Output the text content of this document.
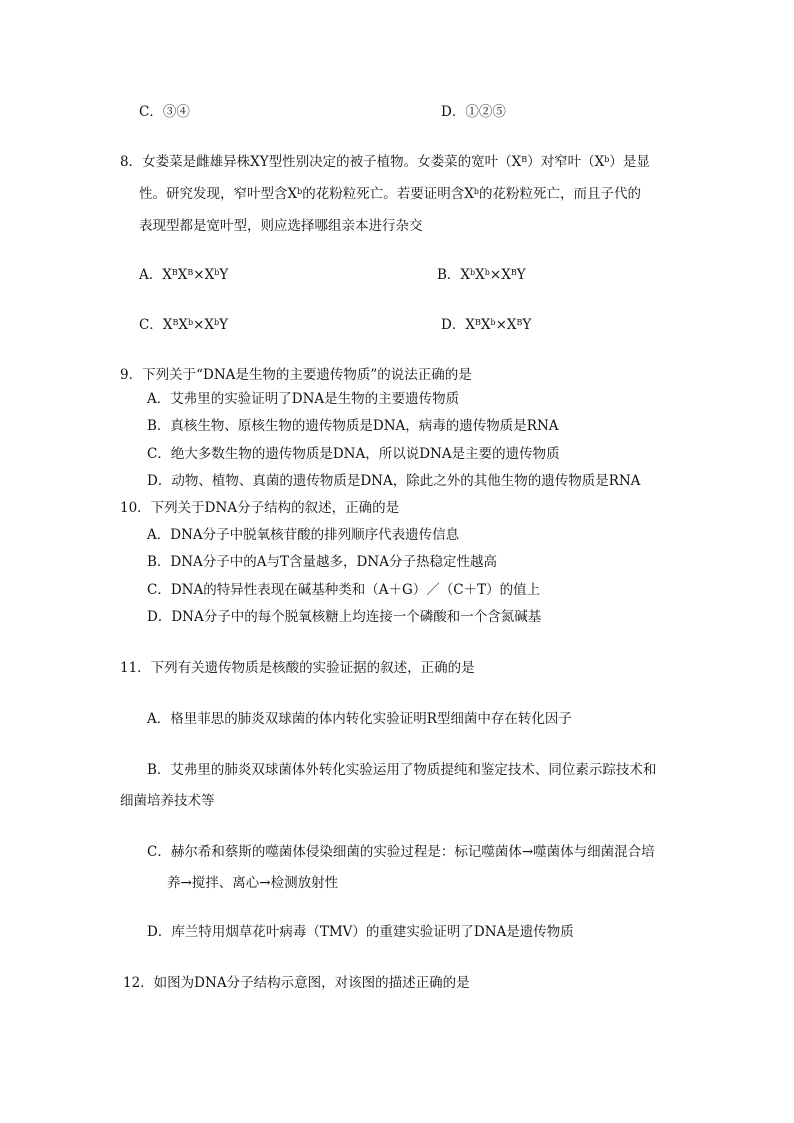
C．③④	D．①②⑤
8．女娄菜是雌雄异株XY型性别决定的被子植物。女娄菜的宽叶$(X^B)$对窄叶$(X^b)$是显
性。研究发现，窄叶型含$X^b$的花粉粒死亡。若要证明含$X^b$的花粉粒死亡，而且子代的
表现型都是宽叶型，则应选择哪组亲本进行杂交
A．$X^BX^B\times X^bY$	B．$X^bX^b\times X^BY$
C．$X^BX^b\times X^bY$	D．$X^BX^b\times X^BY$
9．下列关于“DNA是生物的主要遗传物质”的说法正确的是
A．艾弗里的实验证明了DNA是生物的主要遗传物质
B．真核生物、原核生物的遗传物质是DNA，病毒的遗传物质是RNA
C．绝大多数生物的遗传物质是DNA，所以说DNA是主要的遗传物质
D．动物、植物、真菌的遗传物质是DNA，除此之外的其他生物的遗传物质是RNA
10．下列关于DNA分子结构的叙述，正确的是
A．DNA分子中脱氧核苷酸的排列顺序代表遗传信息
B．DNA分子中的A与T含量越多，DNA分子热稳定性越高
C．DNA的特异性表现在碱基种类和（A＋G）／（C＋T）的值上
D．DNA分子中的每个脱氧核糖上均连接一个磷酸和一个含氮碱基
11．下列有关遗传物质是核酸的实验证据的叙述，正确的是
A．格里菲思的肺炎双球菌的体内转化实验证明R型细菌中存在转化因子
B．艾弗里的肺炎双球菌体外转化实验运用了物质提纯和鉴定技术、同位素示踪技术和
细菌培养技术等
C．赫尔希和蔡斯的噬菌体侵染细菌的实验过程是：标记噬菌体→噬菌体与细菌混合培
养→搅拌、离心→检测放射性
D．库兰特用烟草花叶病毒（TMV）的重建实验证明了DNA是遗传物质
12．如图为DNA分子结构示意图，对该图的描述正确的是
